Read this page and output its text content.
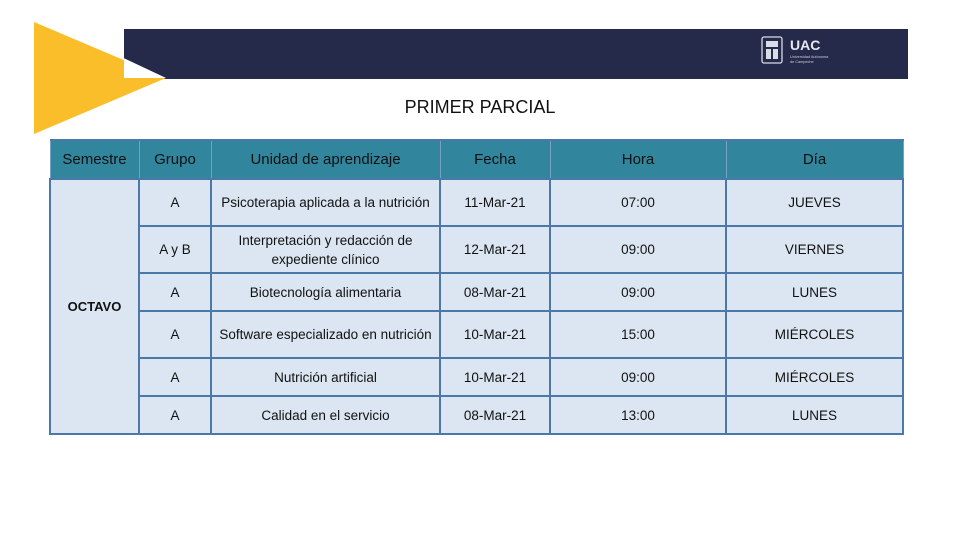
UAC
Universidad Autónoma
de Campeche
PRIMER PARCIAL
Semestre	Grupo	Unidad de aprendizaje	Fecha	Hora	Día
OCTAVO	A	Psicoterapia aplicada a la nutrición	11-Mar-21	07:00	JUEVES
	A y B	Interpretación y redacción de expediente clínico	12-Mar-21	09:00	VIERNES
	A	Biotecnología alimentaria	08-Mar-21	09:00	LUNES
	A	Software especializado en nutrición	10-Mar-21	15:00	MIÉRCOLES
	A	Nutrición artificial	10-Mar-21	09:00	MIÉRCOLES
	A	Calidad en el servicio	08-Mar-21	13:00	LUNES
